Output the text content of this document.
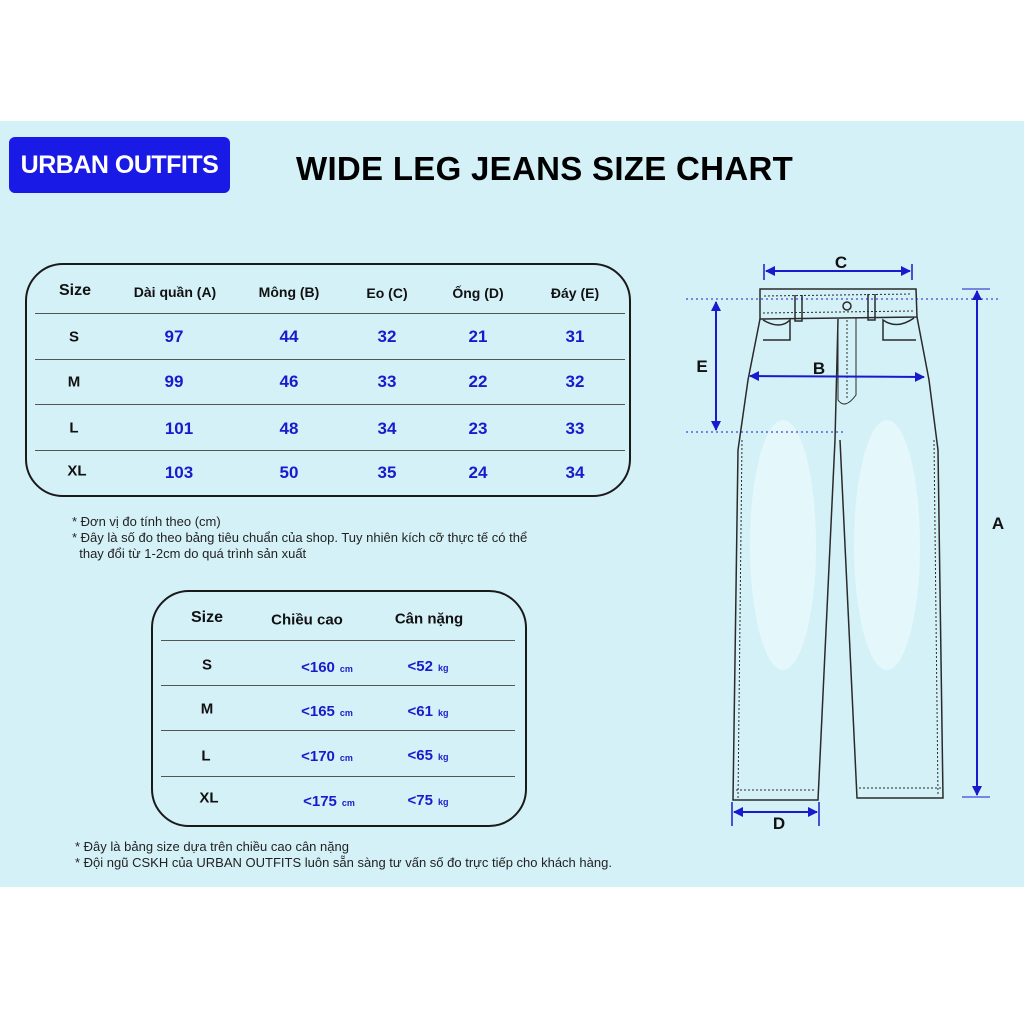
URBAN OUTFITS WIDE LEG JEANS SIZE CHART
Size	Dài quần (A)	Mông (B)	Eo (C)	Ống (D)	Đáy (E)
S	97	44	32	21	31
M	99	46	33	22	32
L	101	48	34	23	33
XL	103	50	35	24	34
* Đơn vị đo tính theo (cm)
* Đây là số đo theo bảng tiêu chuẩn của shop. Tuy nhiên kích cỡ thực tế có thể
thay đổi từ 1-2cm do quá trình sản xuất
Size	Chiều cao	Cân nặng
S	<160 cm	<52 kg
M	<165 cm	<61 kg
L	<170 cm	<65 kg
XL	<175 cm	<75 kg
* Đây là bảng size dựa trên chiều cao cân nặng
* Đội ngũ CSKH của URBAN OUTFITS luôn sẵn sàng tư vấn số đo trực tiếp cho khách hàng.
C
B
E
A
D
